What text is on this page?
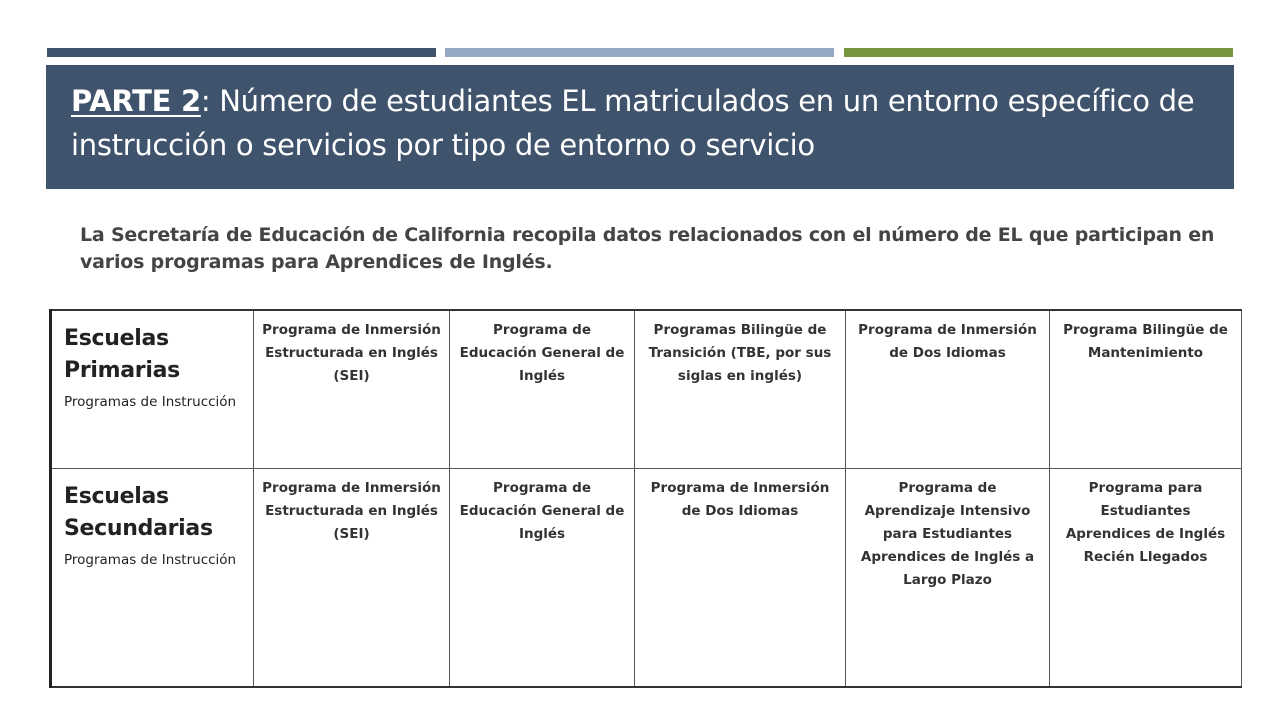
PARTE 2: Número de estudiantes EL matriculados en un entorno específico de instrucción o servicios por tipo de entorno o servicio
La Secretaría de Educación de California recopila datos relacionados con el número de EL que participan en varios programas para Aprendices de Inglés.
Escuelas Primarias
Programas de Instrucción	Programa de Inmersión Estructurada en Inglés (SEI)	Programa de Educación General de Inglés	Programas Bilingüe de Transición (TBE, por sus siglas en inglés)	Programa de Inmersión de Dos Idiomas	Programa Bilingüe de Mantenimiento

Escuelas Secundarias
Programas de Instrucción	Programa de Inmersión Estructurada en Inglés (SEI)	Programa de Educación General de Inglés	Programa de Inmersión de Dos Idiomas	Programa de Aprendizaje Intensivo para Estudiantes Aprendices de Inglés a Largo Plazo	Programa para Estudiantes Aprendices de Inglés Recién Llegados
